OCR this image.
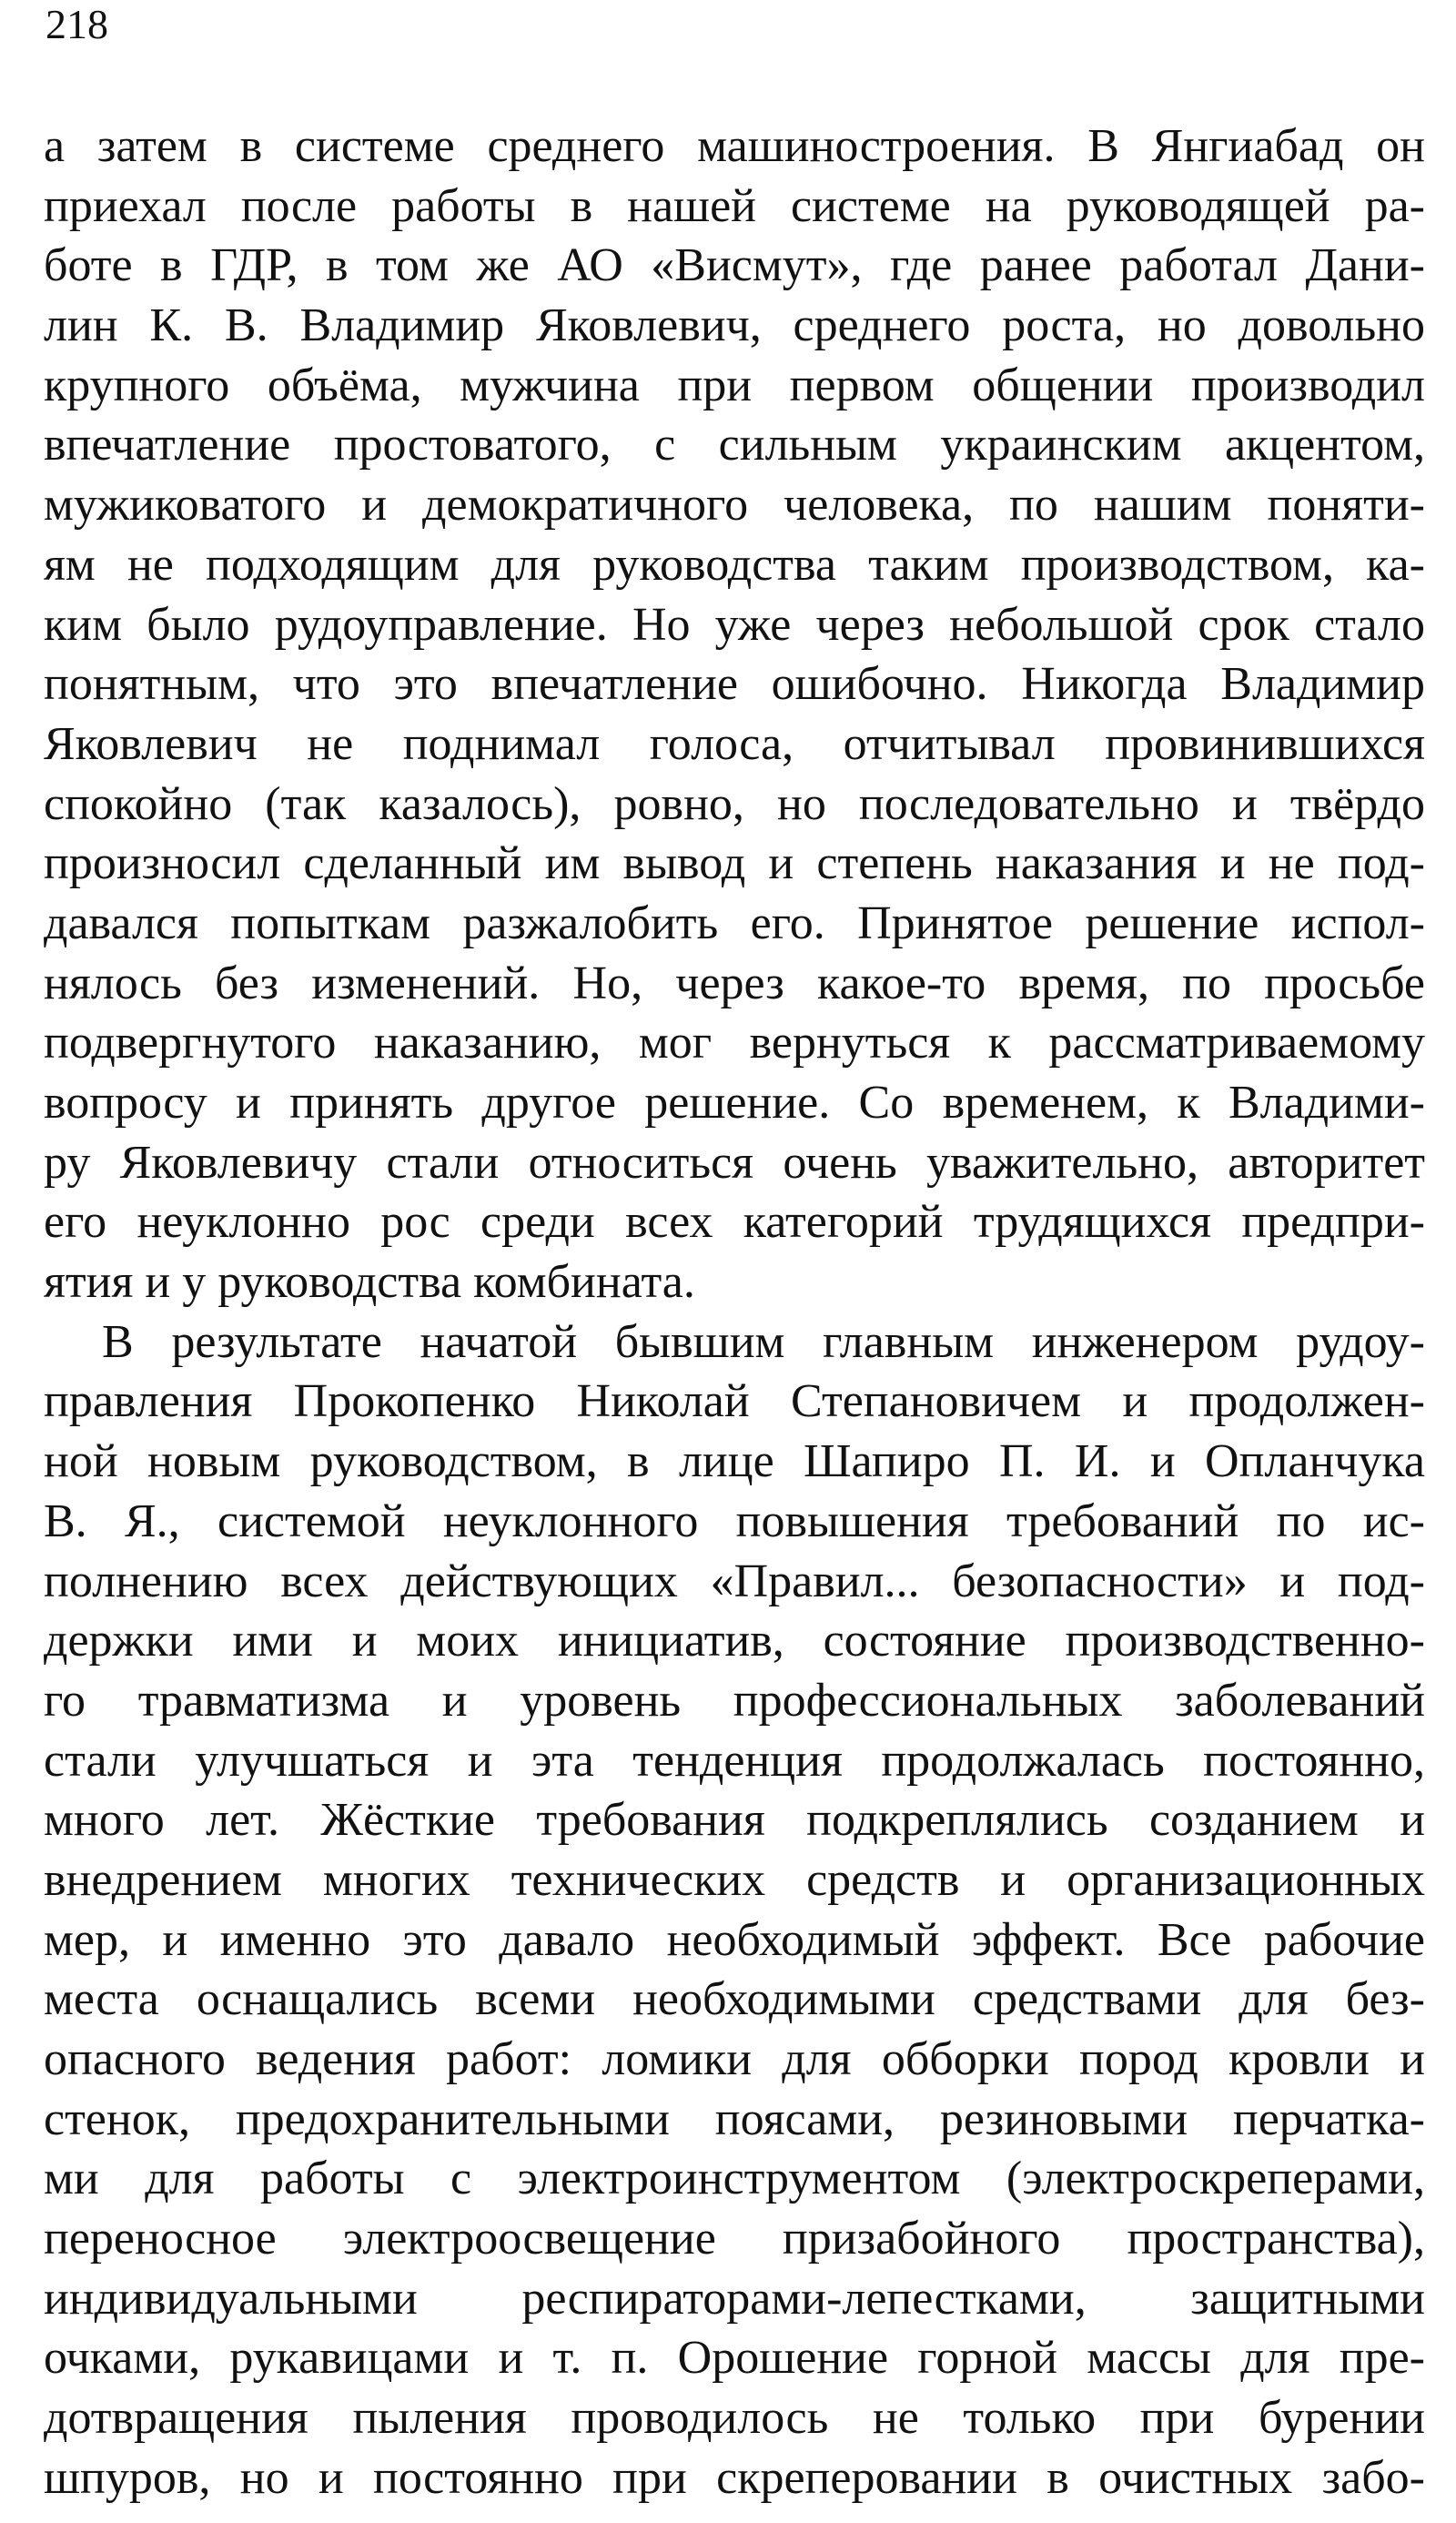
218
а затем в системе среднего машиностроения. В Янгиабад он
приехал после работы в нашей системе на руководящей ра-
боте в ГДР, в том же АО «Висмут», где ранее работал Дани-
лин К. В. Владимир Яковлевич, среднего роста, но довольно
крупного объёма, мужчина при первом общении производил
впечатление простоватого, с сильным украинским акцентом,
мужиковатого и демократичного человека, по нашим поняти-
ям не подходящим для руководства таким производством, ка-
ким было рудоуправление. Но уже через небольшой срок стало
понятным, что это впечатление ошибочно. Никогда Владимир
Яковлевич не поднимал голоса, отчитывал провинившихся
спокойно (так казалось), ровно, но последовательно и твёрдо
произносил сделанный им вывод и степень наказания и не под-
давался попыткам разжалобить его. Принятое решение испол-
нялось без изменений. Но, через какое-то время, по просьбе
подвергнутого наказанию, мог вернуться к рассматриваемому
вопросу и принять другое решение. Со временем, к Владими-
ру Яковлевичу стали относиться очень уважительно, авторитет
его неуклонно рос среди всех категорий трудящихся предпри-
ятия и у руководства комбината.
В результате начатой бывшим главным инженером рудоу-
правления Прокопенко Николай Степановичем и продолжен-
ной новым руководством, в лице Шапиро П. И. и Опланчука
В. Я., системой неуклонного повышения требований по ис-
полнению всех действующих «Правил... безопасности» и под-
держки ими и моих инициатив, состояние производственно-
го травматизма и уровень профессиональных заболеваний
стали улучшаться и эта тенденция продолжалась постоянно,
много лет. Жёсткие требования подкреплялись созданием и
внедрением многих технических средств и организационных
мер, и именно это давало необходимый эффект. Все рабочие
места оснащались всеми необходимыми средствами для без-
опасного ведения работ: ломики для обборки пород кровли и
стенок, предохранительными поясами, резиновыми перчатка-
ми для работы с электроинструментом (электроскреперами,
переносное электроосвещение призабойного пространства),
индивидуальными респираторами-лепестками, защитными
очками, рукавицами и т. п. Орошение горной массы для пре-
дотвращения пыления проводилось не только при бурении
шпуров, но и постоянно при скреперовании в очистных забо-
